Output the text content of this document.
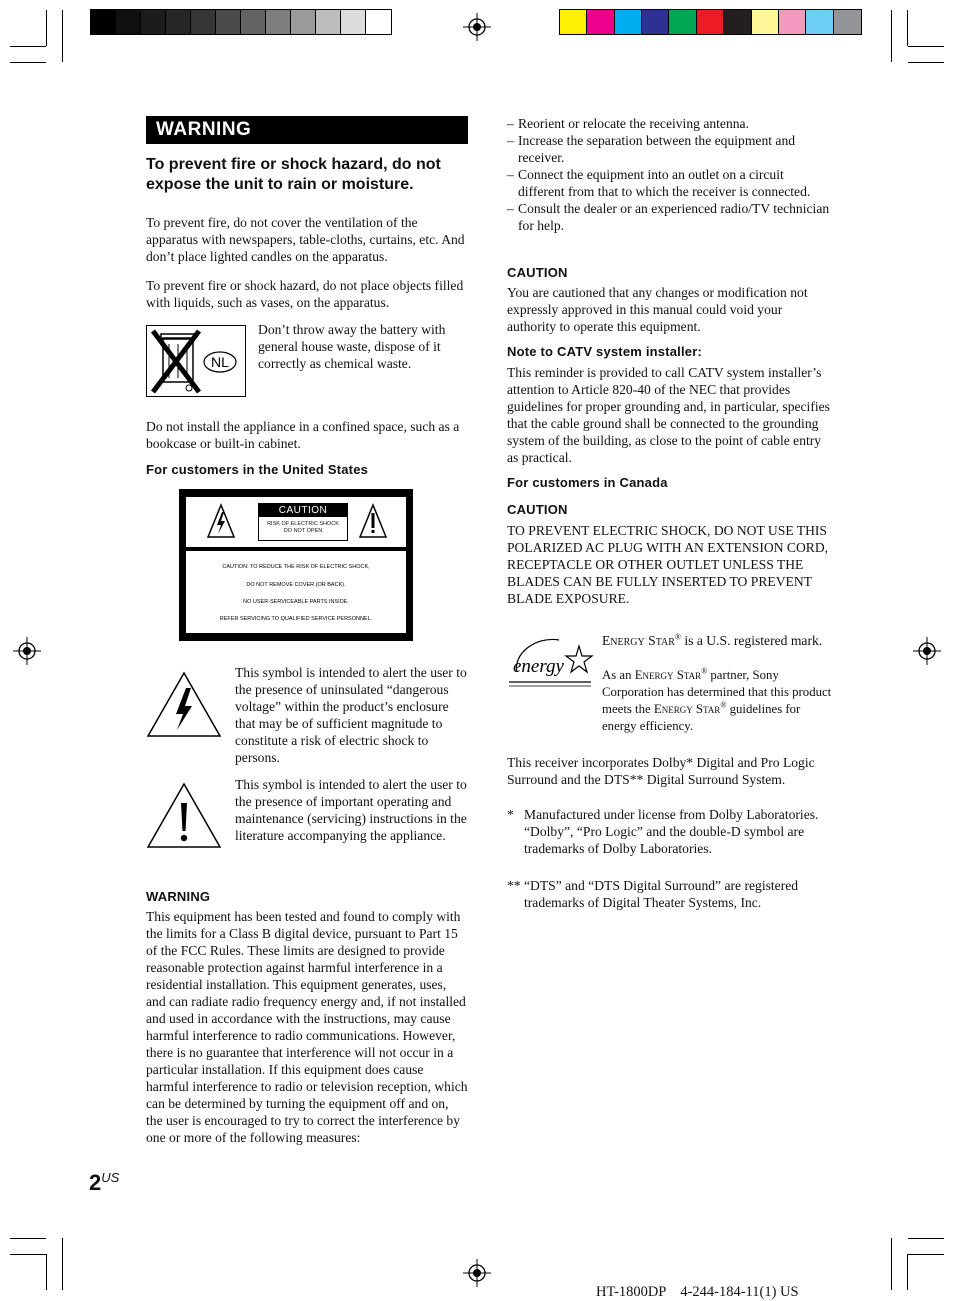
WARNING
To prevent fire or shock hazard, do not expose the unit to rain or moisture.

To prevent fire, do not cover the ventilation of the apparatus with newspapers, table-cloths, curtains, etc. And don’t place lighted candles on the apparatus.

To prevent fire or shock hazard, do not place objects filled with liquids, such as vases, on the apparatus.

NL

Don’t throw away the battery with general house waste, dispose of it correctly as chemical waste.

Do not install the appliance in a confined space, such as a bookcase or built-in cabinet.

For customers in the United States
CAUTION
RISK OF ELECTRIC SHOCK
DO NOT OPEN
CAUTION: TO REDUCE THE RISK OF ELECTRIC SHOCK,
DO NOT REMOVE COVER (OR BACK).
NO USER-SERVICEABLE PARTS INSIDE.
REFER SERVICING TO QUALIFIED SERVICE PERSONNEL.

This symbol is intended to alert the user to the presence of uninsulated “dangerous voltage” within the product’s enclosure that may be of sufficient magnitude to constitute a risk of electric shock to persons.

This symbol is intended to alert the user to the presence of important operating and maintenance (servicing) instructions in the literature accompanying the appliance.

WARNING

This equipment has been tested and found to comply with the limits for a Class B digital device, pursuant to Part 15 of the FCC Rules. These limits are designed to provide reasonable protection against harmful interference in a residential installation. This equipment generates, uses, and can radiate radio frequency energy and, if not installed and used in accordance with the instructions, may cause harmful interference to radio communications. However, there is no guarantee that interference will not occur in a particular installation. If this equipment does cause harmful interference to radio or television reception, which can be determined by turning the equipment off and on, the user is encouraged to try to correct the interference by one or more of the following measures:

– Reorient or relocate the receiving antenna.
– Increase the separation between the equipment and receiver.
– Connect the equipment into an outlet on a circuit different from that to which the receiver is connected.
– Consult the dealer or an experienced radio/TV technician for help.
CAUTION

You are cautioned that any changes or modification not expressly approved in this manual could void your authority to operate this equipment.

Note to CATV system installer:

This reminder is provided to call CATV system installer’s attention to Article 820-40 of the NEC that provides guidelines for proper grounding and, in particular, specifies that the cable ground shall be connected to the grounding system of the building, as close to the point of cable entry as practical.

For customers in Canada
CAUTION

TO PREVENT ELECTRIC SHOCK, DO NOT USE THIS POLARIZED AC PLUG WITH AN EXTENSION CORD, RECEPTACLE OR OTHER OUTLET UNLESS THE BLADES CAN BE FULLY INSERTED TO PREVENT BLADE EXPOSURE.

energy

Energy Star® is a U.S. registered mark.

As an Energy Star® partner, Sony Corporation has determined that this product meets the Energy Star® guidelines for energy efficiency.

This receiver incorporates Dolby* Digital and Pro Logic Surround and the DTS** Digital Surround System.

* Manufactured under license from Dolby Laboratories.
“Dolby”, “Pro Logic” and the double-D symbol are trademarks of Dolby Laboratories.
** “DTS” and “DTS Digital Surround” are registered trademarks of Digital Theater Systems, Inc.
$2^{US}$
HT-1800DP    4-244-184-11(1) US
